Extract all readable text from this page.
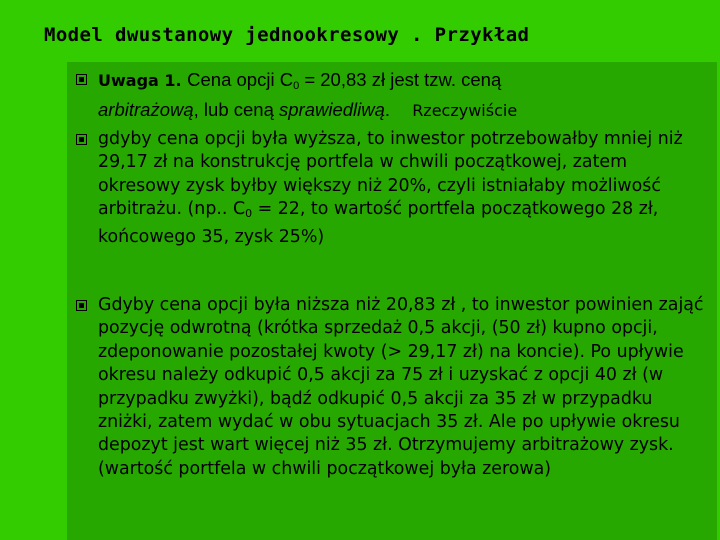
Model dwustanowy jednookresowy . Przykład
Uwaga 1. Cena opcji $C_0 = 20,83$ zł jest tzw. ceną
arbitrażową, lub ceną sprawiedliwą. Rzeczywiście
gdyby cena opcji była wyższa, to inwestor potrzebowałby mniej niż 29,17 zł na konstrukcję portfela w chwili początkowej, zatem okresowy zysk byłby większy niż 20%, czyli istniałaby możliwość arbitrażu. (np.. $C_0 = 22$, to wartość portfela początkowego 28 zł, końcowego 35, zysk 25%)
Gdyby cena opcji była niższa niż 20,83 zł , to inwestor powinien zająć pozycję odwrotną (krótka sprzedaż 0,5 akcji, (50 zł) kupno opcji, zdeponowanie pozostałej kwoty (> 29,17 zł) na koncie). Po upływie okresu należy odkupić 0,5 akcji za 75 zł i uzyskać z opcji 40 zł (w przypadku zwyżki), bądź odkupić 0,5 akcji za 35 zł w przypadku zniżki, zatem wydać w obu sytuacjach 35 zł. Ale po upływie okresu depozyt jest wart więcej niż 35 zł. Otrzymujemy arbitrażowy zysk. (wartość portfela w chwili początkowej była zerowa)
